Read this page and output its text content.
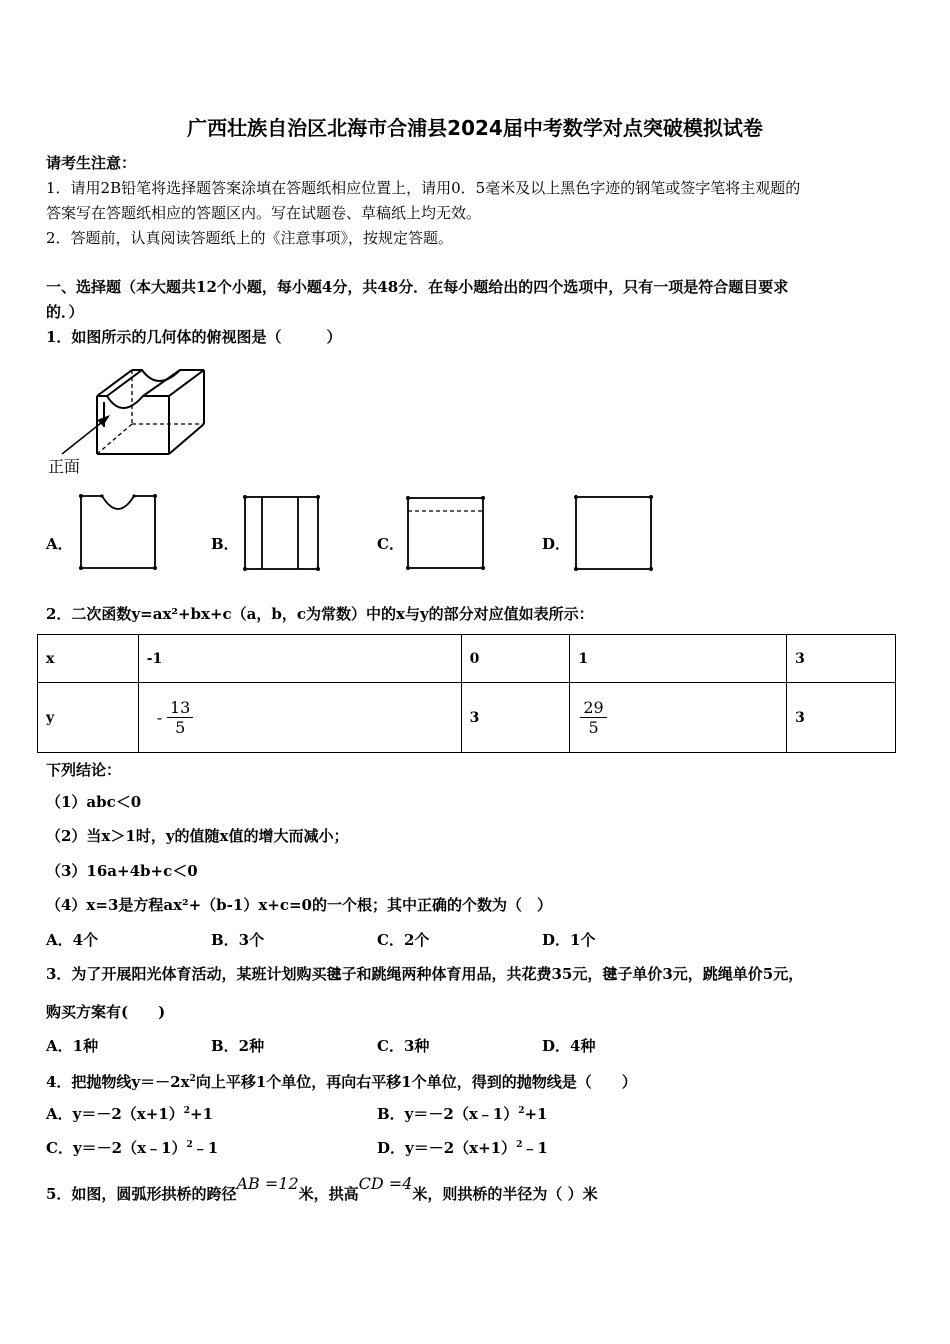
广西壮族自治区北海市合浦县2024届中考数学对点突破模拟试卷
请考生注意：
1．请用2B铅笔将选择题答案涂填在答题纸相应位置上，请用0．5毫米及以上黑色字迹的钢笔或签字笔将主观题的
答案写在答题纸相应的答题区内。写在试题卷、草稿纸上均无效。
2．答题前，认真阅读答题纸上的《注意事项》，按规定答题。
一、选择题（本大题共12个小题，每小题4分，共48分．在每小题给出的四个选项中，只有一项是符合题目要求
的．）
1．如图所示的几何体的俯视图是（　　　）
正面
A．	B．	C．	D．
2．二次函数y=ax²+bx+c（a，b，c为常数）中的x与y的部分对应值如表所示：
x	-1	0	1	3
y	- $\frac{13}{5}$	3	$\frac{29}{5}$	3
下列结论：
（1）abc＜0
（2）当x＞1时，y的值随x值的增大而减小；
（3）16a+4b+c＜0
（4）x=3是方程ax²+（b-1）x+c=0的一个根；其中正确的个数为（　）
A．4个	B．3个	C．2个	D．1个
3．为了开展阳光体育活动，某班计划购买毽子和跳绳两种体育用品，共花费35元，毽子单价3元，跳绳单价5元，
购买方案有(　　)
A．1种	B．2种	C．3种	D．4种
4．把抛物线$y=-2x^2$向上平移1个单位，再向右平移1个单位，得到的抛物线是（　　）
A．$y=-2(x+1)^2+1$	B．y＝－2（x﹣1）$^2$+1
C．y＝－2（x﹣1）$^2$﹣1	D．$y=-2(x+1)^2﹣1$
5．如图，圆弧形拱桥的跨径AB =12米，拱高CD =4米，则拱桥的半径为（ ）米
